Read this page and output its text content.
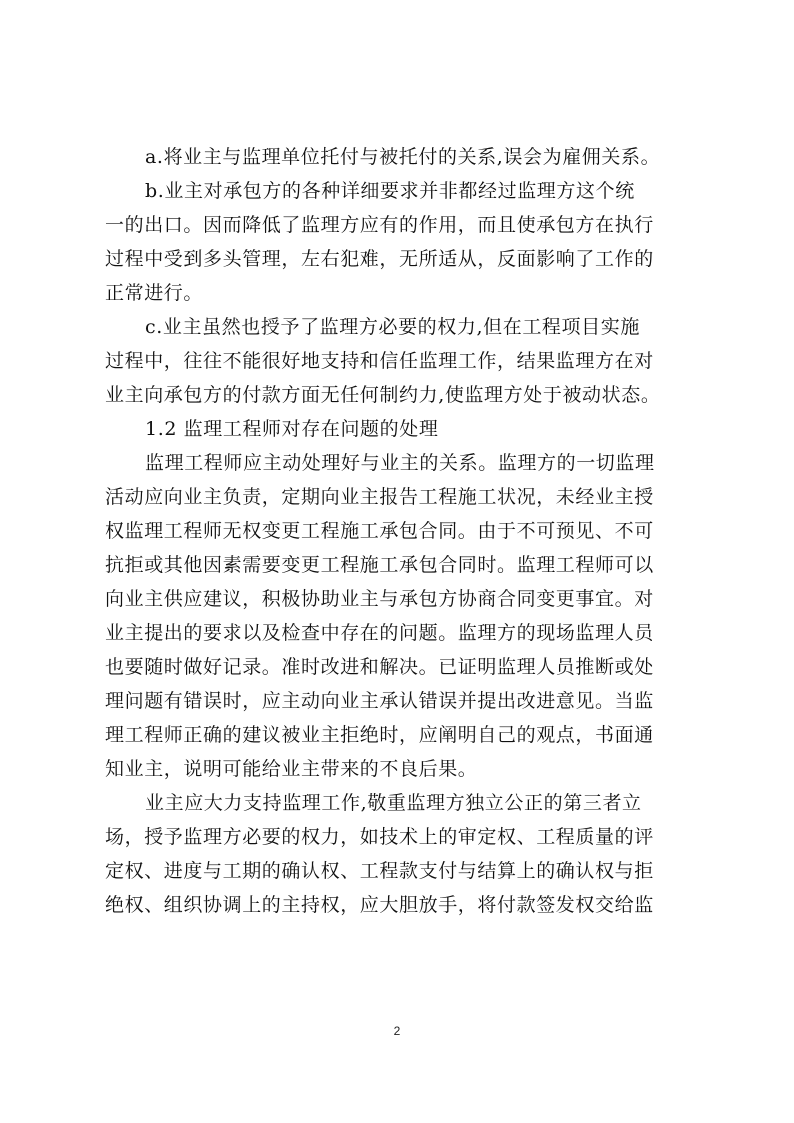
a.将业主与监理单位托付与被托付的关系,误会为雇佣关系。
b.业主对承包方的各种详细要求并非都经过监理方这个统
一的出口。因而降低了监理方应有的作用，而且使承包方在执行
过程中受到多头管理，左右犯难，无所适从，反面影响了工作的
正常进行。
c.业主虽然也授予了监理方必要的权力,但在工程项目实施
过程中，往往不能很好地支持和信任监理工作，结果监理方在对
业主向承包方的付款方面无任何制约力,使监理方处于被动状态。
1.2 监理工程师对存在问题的处理
监理工程师应主动处理好与业主的关系。监理方的一切监理
活动应向业主负责，定期向业主报告工程施工状况，未经业主授
权监理工程师无权变更工程施工承包合同。由于不可预见、不可
抗拒或其他因素需要变更工程施工承包合同时。监理工程师可以
向业主供应建议，积极协助业主与承包方协商合同变更事宜。对
业主提出的要求以及检查中存在的问题。监理方的现场监理人员
也要随时做好记录。准时改进和解决。已证明监理人员推断或处
理问题有错误时，应主动向业主承认错误并提出改进意见。当监
理工程师正确的建议被业主拒绝时，应阐明自己的观点，书面通
知业主，说明可能给业主带来的不良后果。
业主应大力支持监理工作,敬重监理方独立公正的第三者立
场，授予监理方必要的权力，如技术上的审定权、工程质量的评
定权、进度与工期的确认权、工程款支付与结算上的确认权与拒
绝权、组织协调上的主持权，应大胆放手，将付款签发权交给监
2
